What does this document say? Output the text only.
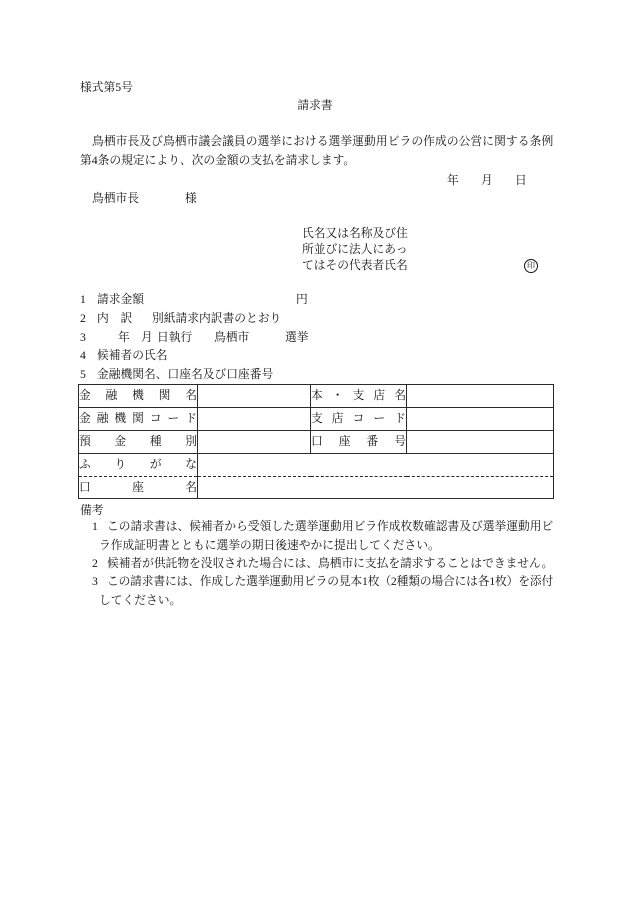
様式第5号
請求書
鳥栖市長及び鳥栖市議会議員の選挙における選挙運動用ビラの作成の公営に関する条例
第4条の規定により、次の金額の支払を請求します。
年 月 日
鳥栖市長	様
氏名又は名称及び住
所並びに法人にあっ
てはその代表者氏名	印
1 請求金額	円
2 内　訳 別紙請求内訳書のとおり
3	年 月 日執行 鳥栖市	選挙
4 候補者の氏名
5 金融機関名、口座名及び口座番号
金 融 機 関 名		本 ・ 支 店 名	
金 融 機 関 コ ー ド		支 店 コ ー ド	
預 金 種 別		口 座 番 号	
ふ り が な			
口 座 名			
備考
1 この請求書は、候補者から受領した選挙運動用ビラ作成枚数確認書及び選挙運動用ビ
ラ作成証明書とともに選挙の期日後速やかに提出してください。
2 候補者が供託物を没収された場合には、鳥栖市に支払を請求することはできません。
3 この請求書には、作成した選挙運動用ビラの見本1枚（2種類の場合には各1枚）を添付
してください。
